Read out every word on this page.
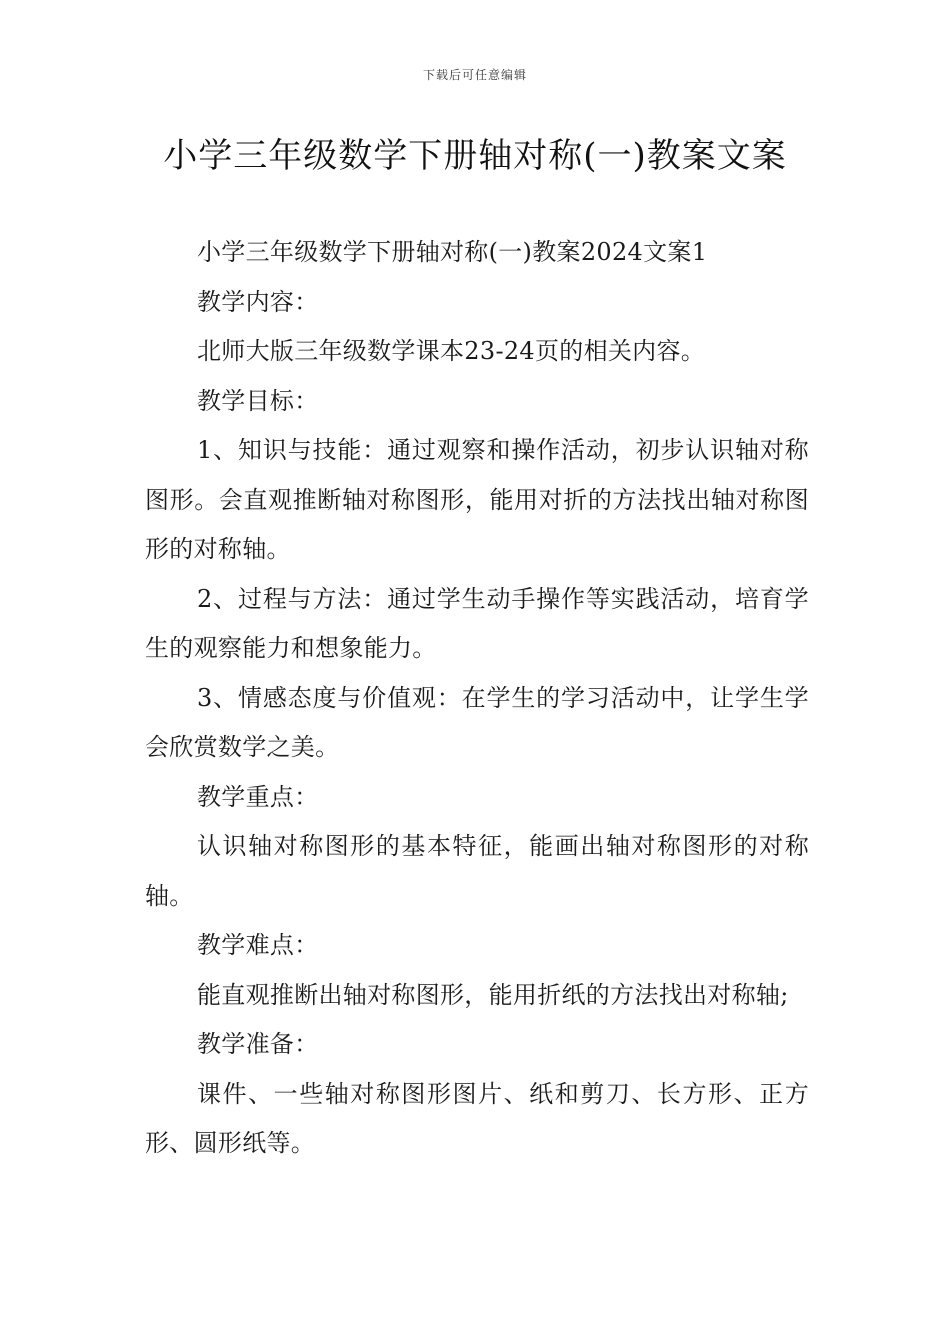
下载后可任意编辑
小学三年级数学下册轴对称(一)教案文案

小学三年级数学下册轴对称(一)教案2024文案1

教学内容：

北师大版三年级数学课本23-24页的相关内容。

教学目标：

1、知识与技能：通过观察和操作活动，初步认识轴对称图形。会直观推断轴对称图形，能用对折的方法找出轴对称图形的对称轴。

2、过程与方法：通过学生动手操作等实践活动，培育学生的观察能力和想象能力。

3、情感态度与价值观：在学生的学习活动中，让学生学会欣赏数学之美。

教学重点：

认识轴对称图形的基本特征，能画出轴对称图形的对称轴。

教学难点：

能直观推断出轴对称图形，能用折纸的方法找出对称轴;

教学准备：

课件、一些轴对称图形图片、纸和剪刀、长方形、正方形、圆形纸等。
